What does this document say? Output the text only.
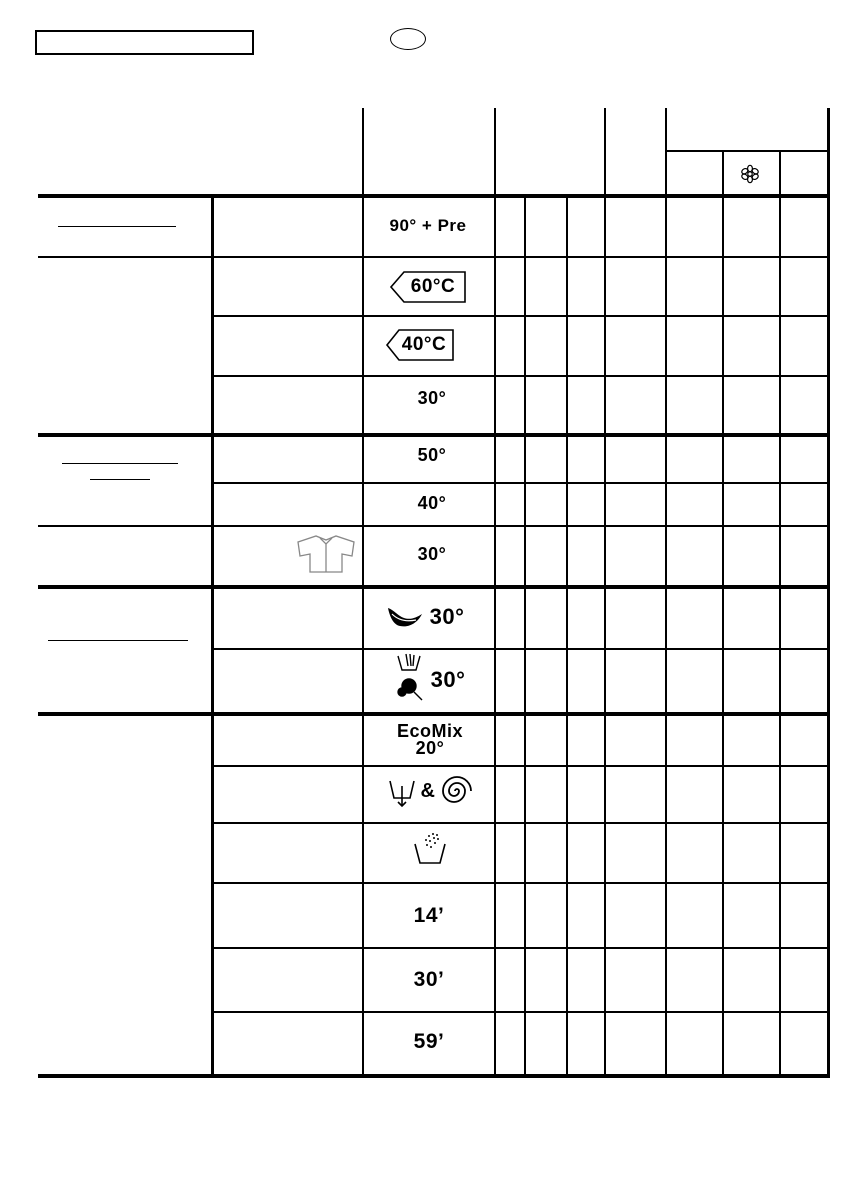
90° + Pre
60°C
40°C
30°
50°
40°
30°
30°
30°
EcoMix
20°
&
14’
30’
59’
